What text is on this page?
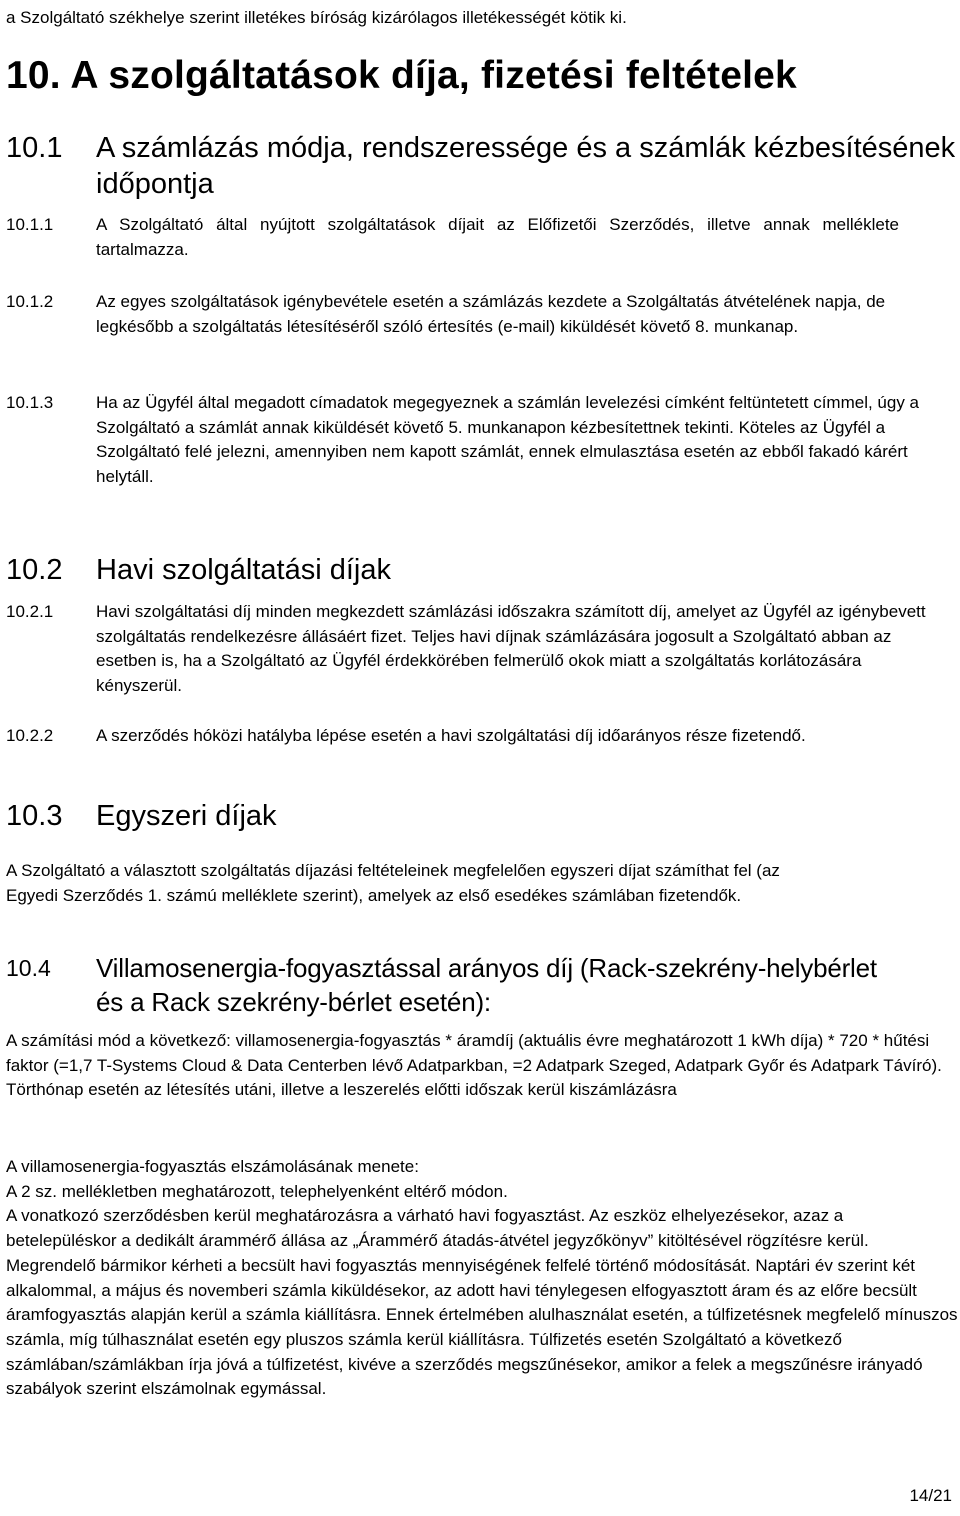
a Szolgáltató székhelye szerint illetékes bíróság kizárólagos illetékességét kötik ki.
10. A szolgáltatások díja, fizetési feltételek
10.1 A számlázás módja, rendszeressége és a számlák kézbesítésének
időpontja
10.1.1	A Szolgáltató által nyújtott szolgáltatások díjait az Előfizetői Szerződés, illetve annak melléklete tartalmazza.
10.1.2	Az egyes szolgáltatások igénybevétele esetén a számlázás kezdete a Szolgáltatás átvételének napja, de legkésőbb a szolgáltatás létesítéséről szóló értesítés (e-mail) kiküldését követő 8. munkanap.
10.1.3	Ha az Ügyfél által megadott címadatok megegyeznek a számlán levelezési címként feltüntetett címmel, úgy a Szolgáltató a számlát annak kiküldését követő 5. munkanapon kézbesítettnek tekinti. Köteles az Ügyfél a Szolgáltató felé jelezni, amennyiben nem kapott számlát, ennek elmulasztása esetén az ebből fakadó kárért helytáll.
10.2 Havi szolgáltatási díjak
10.2.1	Havi szolgáltatási díj minden megkezdett számlázási időszakra számított díj, amelyet az Ügyfél az igénybevett szolgáltatás rendelkezésre állásáért fizet. Teljes havi díjnak számlázására jogosult a Szolgáltató abban az esetben is, ha a Szolgáltató az Ügyfél érdekkörében felmerülő okok miatt a szolgáltatás korlátozására kényszerül.
10.2.2	A szerződés hóközi hatályba lépése esetén a havi szolgáltatási díj időarányos része fizetendő.
10.3 Egyszeri díjak
A Szolgáltató a választott szolgáltatás díjazási feltételeinek megfelelően egyszeri díjat számíthat fel (az Egyedi Szerződés 1. számú melléklete szerint), amelyek az első esedékes számlában fizetendők.
10.4 Villamosenergia-fogyasztással arányos díj (Rack-szekrény-helybérlet
és a Rack szekrény-bérlet esetén):
A számítási mód a következő: villamosenergia-fogyasztás * áramdíj (aktuális évre meghatározott 1 kWh díja) * 720 * hűtési faktor (=1,7 T-Systems Cloud & Data Centerben lévő Adatparkban, =2 Adatpark Szeged, Adatpark Győr és Adatpark Távíró). Törthónap esetén az létesítés utáni, illetve a leszerelés előtti időszak kerül kiszámlázásra
A villamosenergia-fogyasztás elszámolásának menete:
A 2 sz. mellékletben meghatározott, telephelyenként eltérő módon.
A vonatkozó szerződésben kerül meghatározásra a várható havi fogyasztást. Az eszköz elhelyezésekor, azaz a betelepüléskor a dedikált árammérő állása az „Árammérő átadás-átvétel jegyzőkönyv” kitöltésével rögzítésre kerül. Megrendelő bármikor kérheti a becsült havi fogyasztás mennyiségének felfelé történő módosítását. Naptári év szerint két alkalommal, a május és novemberi számla kiküldésekor, az adott havi ténylegesen elfogyasztott áram és az előre becsült áramfogyasztás alapján kerül a számla kiállításra. Ennek értelmében alulhasználat esetén, a túlfizetésnek megfelelő mínuszos számla, míg túlhasználat esetén egy pluszos számla kerül kiállításra. Túlfizetés esetén Szolgáltató a következő számlában/számlákban írja jóvá a túlfizetést, kivéve a szerződés megszűnésekor, amikor a felek a megszűnésre irányadó szabályok szerint elszámolnak egymással.
14/21
